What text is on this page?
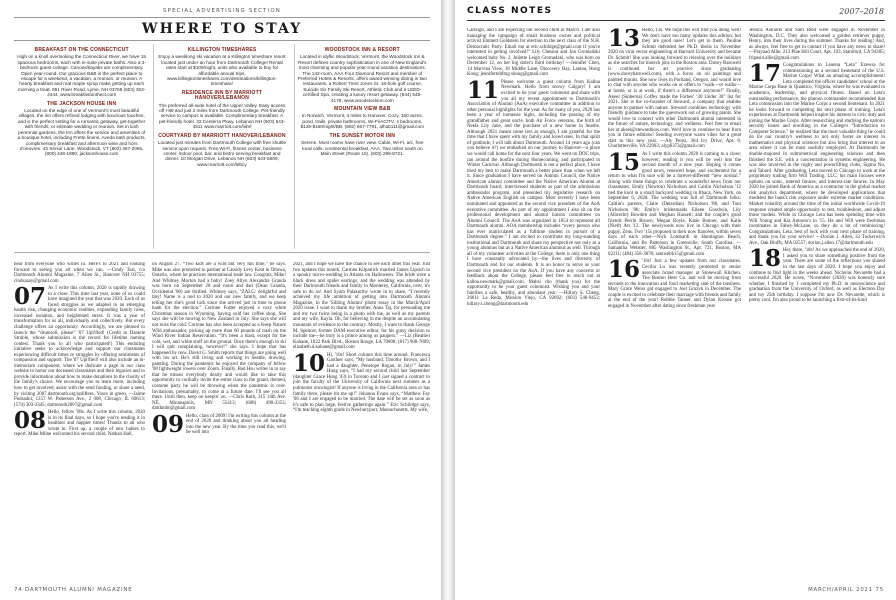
SPECIAL ADVERTISING SECTION
WHERE TO STAY
BREAKFAST ON THE CONNECTICUT
High on a knoll overlooking the Connecticut River, we have 15 spacious bedrooms, each with in-suite private baths. Also a 3-bedroom guest cottage. Canoes/kayaks are complimentary. Open year-round. Our gracious B&B is the perfect place to escape for a weekend, a vacation, a reunion, or reunion. A hearty breakfast and real maple syrup make getting up each morning a treat. 651 River Road, Lyme, NH 03768 (603) 353-4444, www.breakfastonthect.com
THE JACKSON HOUSE INN
Located on the edge of one of Vermont's most beautiful villages, the inn offers refined lodging with luxurious touches, and is the perfect setting for a romantic getaway, get-together with friends, or intimate wedding or reunion. Set in lush perennial gardens, the Inn offers the service and amenities of a boutique hotel, including Frette linens, Aveda bath products, complimentary breakfast and afternoon wine and hors d'oeuvres. 43 Senior Lane, Woodstock, VT (802) 457-2065, (800) 448-1890, jacksonhouse.com
KILLINGTON TIMESHARES
Enjoy a weeklong ski vacation at a Killington timeshare resort located just under an hour from Dartmouth College! Rental rates start at $109/night, units also available to buy for affordable annual trips. www.killingtontimeshares.com/destinations/killington-timeshare/
RESIDENCE INN BY MARRIOTT HANOVER/LEBANON
The preferred all-suite hotel of the Upper Valley. Easy access off I-89 and just 2 miles from Dartmouth College. Pet-friendly service to campus is available. Complimentary breakfast. A pet-friendly hotel. 32 Centerra Pkwy, Lebanon NH (603) 643-4511 www.marriott.com/lebrl
COURTYARD BY MARRIOTT HANOVER/LEBANON
Located just minutes from Dartmouth College with free shuttle service upon request. Free Wi-Fi, fitness center, business center, indoor pool, bar, and bistro serving breakfast and dinner. 10 Morgan Drive, Lebanon NH (603) 643-5600, www.marriott.com/lebcy
WOODSTOCK INN & RESORT
Located in idyllic Woodstock, Vermont, the Woodstock Inn & Resort defines country sophistication in one of New England's most charming and popular year-round vacation destinations. The 142-room, AAA Four Diamond Resort and member of Preferred Hotels & Resorts, offers award-winning dining in two restaurants, a Robert Trent Jones Sr. 18-hole golf course, Suicide Six Family Ski Resort, Athletic Club and a LEED-certified Spa, creating a luxury resort getaway. (844) 545-4178, www.woodstockinn.com
MOUNTAIN VIEW B&B
In Norwich, Vermont, 4 miles to Hanover. Cozy, 150 acres, pond, trails, private bathrooms, Wi-Fi/AC/TV, 4 bedrooms, $125-$160/night/BB. (802) 667-7791, alhub111@gmail.com
THE SUNSET MOTOR INN
Serene. Most rooms have river view. Cable, Wi-Fi, a/c, free local calls, continental breakfast. AAA. Two miles south on Main Street (Route 10). (603) 298-8721.

hear from everyone who writes in. Here's to 2021 and looking forward to seeing you all when we can. —Cindy Tsai, c/o Dartmouth Alumni Magazine, 7 Allen St., Hanover NH 03755; cindsaaay@gmail.com

07 As I write this column, 2020 is rapidly drawing to a close. This time last year, none of us could have imagined the year that was 2020. Each of us faced struggles as we adapted to an emerging health risk, changing economic realities, expanding family roles, increased isolation, and heightened stress. It was a year of transformation for us all, individually and collectively. But every challenge offers an opportunity. Accordingly, we are pleased to launch the “drumroll, please” '07 Upl!fted! (Credit to Daniele Struble, whose submission is the record for lifetime naming contest. Thank you to all who participated!) This enduring initiative seeks to acknowledge and support our classmates experiencing difficult times or struggles by offering sentiments of compassion and support. The '07 Upl!fted! will also include an in-memoriam component, where we dedicate a page in our class website to honor our deceased classmates and their legacies and to provide information about how to make donations to the charity of the family's choice. We encourage you to learn more, including how to get involved, assist with the send funding, or share a need, by visiting 2007.dartmouth.org/upliftees. Yours in green, —Jaime Podsadni, 1257 W. Patterson Ave., 2 008, Chicago, IL 60613; (574) 303-3345; dartmouth2007@gmail.com

08 Hello, fellow '08s. As I write this column, 2020 is in its final days, so I hope you're reading it in healthier and happier times! Thanks to all who wrote in. First up, a couple of new babies to report. Mike Milne welcomed his second child, Nathan Hall,

on August 27. “Two kids are a wild but very fun time,” he says. Mike was also promoted to partner at Cassidy Levy Kent in Ottawa, Ontario, where he practices international trade law. Congrats, Mike! And Whitney Morton had a baby! Zoey Allyn Alexandra Granda was born on September 28 and mom and dad (Dean Granda, Occidental '08) are thrilled. Whitney says, “ZALG: delightful and tiny! Name is a nod to 2020 and our new family, and we keep telling her she's good luck since she arrived just in time to phone bank for the election.” Corinne Foster enjoyed a cozy white Christmas season in Wyoming, having sold her coffee shop. She says she will be moving to New Zealand in July. She says she will not miss the cold. Corinne has also been accepted as a Keep Nature Wild ambassador, picking up more than 60 pounds of trash on the Wind River Indian Reservation. “It's been a blast, except for the cold, wet, and white stuff on the ground. Once there's enough to ski I will quit complaining, however!” she says. I hope that has happened by now. David G. Smith reports that things are going well with his art. He's still living and working in Seattle, drawing, painting. During the pandemic he enjoyed the company of fellow '08 lightweight rowers over Zoom. Finally, Bad Hsu writes in to say that he misses everybody dearly and would like to take this opportunity to cordially invite the entire class to the grand, themed, costume party he will be throwing when the pandemic is over. Invitations, presumably, to come at a future date. I'll see you all there. Until then, keep on keepin' on. —Chris Roth, 315 14th Ave. NE, Minneapolis, MN 55413; (608) 490-3353; darthmbr@gmail.com

09 Hello, class of 2009! I'm writing this column at the end of 2020 and thinking about you all heading into the new year. By the time you read this, we'll be well into

2021, and I hope we have the chance to see each other this year. Just two updates this month. Carmen Kilpatrick married James Lipsich in a spooky micro-wedding in Atlanta on Halloween. The bride wore a black dress and spider earrings, and the wedding was attended by their Dartmouth friends and family in Monterey, California, over, it's safe to do so! And Syam Palakurthy wrote in to share, “I recently achieved my life ambition of getting into Dartmouth Alumni Magazine, in the 'Sibling Alumni' photo essay in the March/April 2020 issue. I want to thank my brother, Anna Taj, for persuading me and my two twins being in a photo with me, as well as my parents and my wife, Kayla. Oh, for believing in me despite an accumulating mountain of evidence to the contrary. Mostly, I want to thank George M. Spencer, former DAM executive editor, for his gutsy decision to include me—he truly is a prince among us paupers.” —Liz (Beattie) Kahane, 1022 Park Blvd., Boston Rouge, LA 70808; (817) 908-7809; elizabeth.d.kahane@gmail.com

10 Hi, '10s! Short column this time around. Francesca Gardner says, “My husband, Timothy Brown, and I had a daughter, Penelope Rogan, in July!” James Hung says, “I had my second child last September (daughter Grace Hung '43) in Toronto and I just signed a contract to join the faculty of the University of California next summer as a pulmonist oncologist! If anyone is living in the California area or has family there, please hit me up!” Johanna Evans says, “Matthew Fay '06 and I are engaged to be married. The date will be set as soon as it's safe to plan large, festive gatherings again.” Eric Schilidge says, “I'm teaching eighth grade in Newburyport, Massachusetts. My wife,

74 DARTMOUTH ALUMNI MAGAZINE
CLASS NOTES	2007–2018

Carleigh, and I are expecting our second child in March. I am also managing the campaign of small business owner and political activist Emmett Goldstein for election to the next class of the N.H. Democratic Party. Email me at eric.schildge@gmail.com if you're interested in getting involved!” Lily Chesnut and Jon Gromadzki welcomed baby No. 2, Juliette Leigh Gromadzki, who was born on December 12, on her big sister's third birthday! —Jennifer Chen, 14 Marvina View, 18 Middle Lane, Discovery Bay, Lantau, Hong Kong; jennifertobfmg shoug@gmail.com

11 Please welcome a guest column from Kalina Newmark. Hello from snowy Calgary! I am excited to be your guest columnist and share with you all my recent appointment to Dartmouth's Association of Alumni (AoA) executive committee in addition to other personal highlights for the year. As for many of you, 2020 has been a year of immense highs, including the passing of my grandfather and great uncle, both Air Force veterans, the birth of Neela Lily Jane, and the purchase of a new home in Seattle. Although 2021 meant some less as enough, I am grateful for the time that I have spent with my family and loved ones. In that spirit of gratitude, I will talk about Dartmouth. Around 14 years ago (can you believe it?) we embarked on our journey to Hanover—a place we would call home for the next four years. We went on DOC trips, ran around the bonfire during Homecoming, and participated in Winter Carnival. Although Dartmouth is not a perfect place, I have tried my best to make Dartmouth a better place than when we left it. Since graduation I have served on Alumni Council, the Native American alumni committee and the Native American Alumni at Dartmouth board, interviewed students as part of the admissions ambassador program, and presented my legislative research on Native American English on campus. Most recently I have been nominated and appointed as the second vice president of the AoA executive committee. As part of my appointment I also sit on the professional development and alumni liaison committees on Alumni Council. The AoA was organized in 1854 to represent all Dartmouth alumni. AOA membership includes “every person who has ever matriculated as a fulltime student in pursuit of a Dartmouth degree.” I am excited to contribute my long-standing institutional and Dartmouth and share my perspective not only as a young alumnus but as a Native American alumnus as well. Through all of my volunteer activities at the College, there is only one thing I have constantly advocated by—the lives and diversity of Dartmouth and for our students. It is an honor to serve as your second vice president on the AoA. If you have any concerns or feedback about the College, please feel free to reach out at kalina.newmark@gmail.com. Mahsi cho (thank you) for the opportunity to be your guest columnist. Wishing you and your families a safe, healthy, and abundant year. —Hillary S. Cheng, 26611 La Reda, Mission Viejo, CA 92692; (603) 546-9452; hillary.s.cheng@dartmouth.edu

13 Hello, 13s. We hope this will find you doing well! We don't have too many updates this edition, but they are good ones! Let's get to them. Pauline Schmit defended her Ph.D. thesis in November 2020 on viral vector engineering at Harvard University and became Dr. Schmit! She was looking forward to relaxing over the holidays as she searches for biotech jobs in the Boston area. Davey Barnwell is continued her art practice since graduating (www.daveybarnwell.com), with a focus on oil paintings and painted murals. She now lives in Portland, Oregon, and would love to chat with anyone who works on or offers to “walk—or walks—at home, or is at work, if there's a difference anymore!” Finally, Akeel (Sinberna) Coffey made the Forbes' ‘30 Under 30” list for 2021. She is the co-founder of Steward, a company that enables anyone to partner with nature. Steward combines technology with friendly guidance to take the guesswork out of growing plants. She would love to connect with other Dartmouth alumni interested in the future of nature, technology, and wellness. Feel free to email her at akeel@stewardnow.com. We'd love to continue to hear from you in future editions! Sending everyone warm vibes for a great start to this new year. —Aly Perez, 304 Ivy Drive, Apt. 8, Charlottesville, VA 22903; alyp6373@gmail.com

15 As I write this column 2020 is coming to a close; however, reading it you will be well into the second month of a new year. Hoping it comes good news, renewed hope, and excitement for a return to what I'm sure will be a forever-different “new normal.” Along with these things to celebrate a wonderful news from our classmates. Emily (Newton) Nicholson and Caitlin Nicholson '12 tied the knot in a small backyard wedding in Ithaca, New York, on September 6, 2020. The wedding was full of Dartmouth folks: Caitlin's parents, Claire (Detardian) Nicholson '88, and Toni Nicholson '88; Emily's bridesmaids Eileen Goodwin, Lily (Albrecht) Bowden and Meghan Hassett; and the couple's good friends Perrin Brown, Megan Boyle, Katie Bonner, and Katie (Nieft) Ars '12. The newlyweds now live in Chicago with their puppy, Zeus. Two '15s proposed to their now fiancées, within seven days of each other—Nick Lombardi in Huntington Beach, California, and Bo Patterson in Greenville, South Carolina. —Samantha Webster, 885 Washington St., Apt. 721, Boston, MA 02111; (484) 358-3878; samwebb15@gmail.com

16 '16s! Just a few updates from our classmates. Cecilia Lu was recently promoted to senior associate brand manager at Stonewall Kitchen. The Boston Beer Co. and will be moving from seconds to the innovation and food marketing side of the business. Mary Grace Weiss got engaged to Joel Grazyk in December. The couple is excited to celebrate their marriage with friends and family at the end of the year! Robbie Tanner and Dylan Krouse got engaged in November after dating since freshman year

Jessica Astraldo and Sam Reid were engaged in November in Washington, D.C. They also welcomed a golden retriever puppy, Henry, into their lives during the summer. Thanks for reading! And, as always, feel free to get in contact if you have any news to share! —Prayaad Allie, 213 Pine Hill Court, Apt. 103, Stamford, CA 94305; fripasid.allie@gmail.com

17 Congratulations to Leanna “Leta” Ezewsa for commissioning as a second lieutenant of the U.S. Marine Corps! What an amazing accomplishment! Leta completed the officer candidates' school at the Marine Corps Base in Quantico, Virginia, where he was evaluated in academics, leadership, and physical fitness. Based on Leta's outstanding performance, the platoon commander recommended that Leta commission into the Marine Corps a second lieutenant. In 2021 he looks forward to completing his next phase of training. Leta's experiences at Dartmouth helped inspire his interest in civic duty and joining the Marine Corps. After researching and studying the nation's security issues and enrolling in the College's “Introduction to Computer Science,” he realized that the most valuable thing he could do for our country's wellness to not only foster an interest in mathematics and physical sciences but also bring that interest to an area where it can be most usefully employed. At Dartmouth he double-majored in sultrometrical engineering sciences and then finished the S.E. with a concentration in systems engineering. He was also involved in the rugby and powerlifting clubs, Sigma Nu, and Tabard. After graduating, Leta moved to Chicago to work at the proprietary trading firm Will Trading, LLC, his main focuses were options on sonic, interest futures, and interest-rate futures. In May 2020 he joined Bank of America as a contractor in the global market risk analytics department, where he developed applications that modeled the bank's risk exposure under extreme market conditions. Market volatility around the time of the initial worldwide Covid-19 response created ample opportunity to test, troubleshoot, and adjust those models. While in Chicago Leta has been spending time with Will Young and Kia Antonio's in '15. He and Will were freshman roommates in Fahey-McLane, so they do a lot of reminiscing! Congratulations, Leta, best of luck with your next phase of training, and thank you for your service! —Dorian J. Allen, 33 Tuckerwich Ave., Oak Bluffs, MA 02557; dorian.j.allen.17@dartmouth.edu

18 Hey there, '18s! As we approached the end of 2020, I asked you to share something positive from the year. There are some of the reflections you shared in the last days of 2020. I hope you enjoy and continue to find light in the weeks ahead. Nicholas Nevarette had a successful 2020. He wrote, “November (2020) was honestly sure whether, I finished by 1 completed my Ph.D. in neuroscience and graduation from the University of Oxford, as well as Election Day and my 25th birthday. I suppose I'm now Dr. Nevarette, which is pretty cool. I'm also proud to be launching a first-of-its-kind

MARCH/APRIL 2021 75
